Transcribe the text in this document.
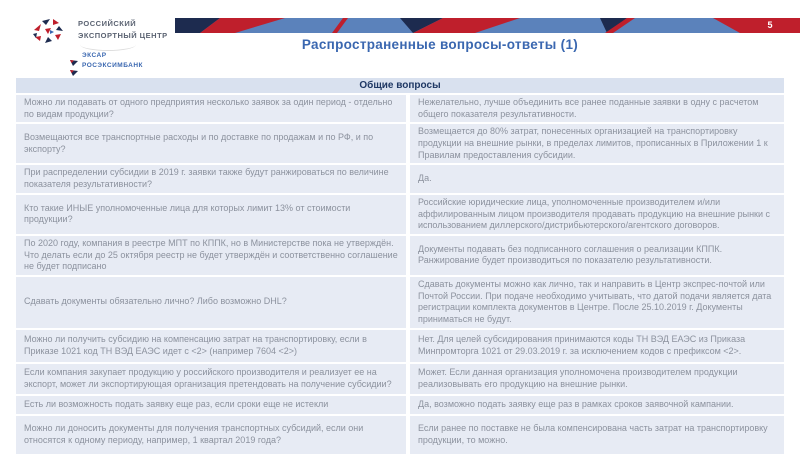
РОССИЙСКИЙ
ЭКСПОРТНЫЙ ЦЕНТР
ЭКСАР
РОСЭКСИМБАНК
5
Распространенные вопросы-ответы (1)
Общие вопросы
Можно ли подавать от одного предприятия несколько заявок за один период - отдельно по видам продукции?
Нежелательно, лучше объединить все ранее поданные заявки в одну с расчетом общего показателя результативности.
Возмещаются все транспортные расходы и по доставке по продажам и по РФ, и по экспорту?
Возмещается до 80% затрат, понесенных организацией на транспортировку продукции на внешние рынки, в пределах лимитов, прописанных в Приложении 1 к Правилам предоставления субсидии.
При распределении субсидии в 2019 г. заявки также будут ранжироваться по величине показателя результативности?
Да.
Кто такие ИНЫЕ уполномоченные лица для которых лимит 13% от стоимости продукции?
Российские юридические лица, уполномоченные производителем и/или аффилированным лицом производителя продавать продукцию на внешние рынки с использованием диллерского/дистрибьютерского/агентского договоров.
По 2020 году, компания в реестре МПТ по КППК, но в Министерстве пока не утверждён. Что делать если до 25 октября реестр не будет утверждён и соответственно соглашение не будет подписано
Документы подавать без подписанного соглашения о реализации КППК. Ранжирование будет производиться по показателю результативности.
Сдавать документы обязательно лично? Либо возможно DHL?
Сдавать документы можно как лично, так и направить в Центр экспрес-почтой или Почтой России. При подаче необходимо учитывать, что датой подачи является дата регистрации комплекта документов в Центре. После 25.10.2019 г. Документы приниматься не будут.
Можно ли получить субсидию на компенсацию затрат на транспортировку, если в Приказе 1021 код ТН ВЭД ЕАЭС идет с <2> (например 7604 <2>)
Нет. Для целей субсидирования принимаются коды ТН ВЭД ЕАЭС из Приказа Минпромторга 1021 от 29.03.2019 г. за исключением кодов с префиксом <2>.
Если компания закупает продукцию у российского производителя и реализует ее на экспорт, может ли экспортирующая организация претендовать на получение субсидии?
Может. Если данная организация уполномочена производителем продукции реализовывать его продукцию на внешние рынки.
Есть ли возможность подать заявку еще раз, если сроки еще не истекли	Да, возможно подать заявку еще раз в рамках сроков заявочной кампании.
Можно ли доносить документы для получения транспортных субсидий, если они относятся к одному периоду, например, 1 квартал 2019 года?
Если ранее по поставке не была компенсирована часть затрат на транспортировку продукции, то можно.
